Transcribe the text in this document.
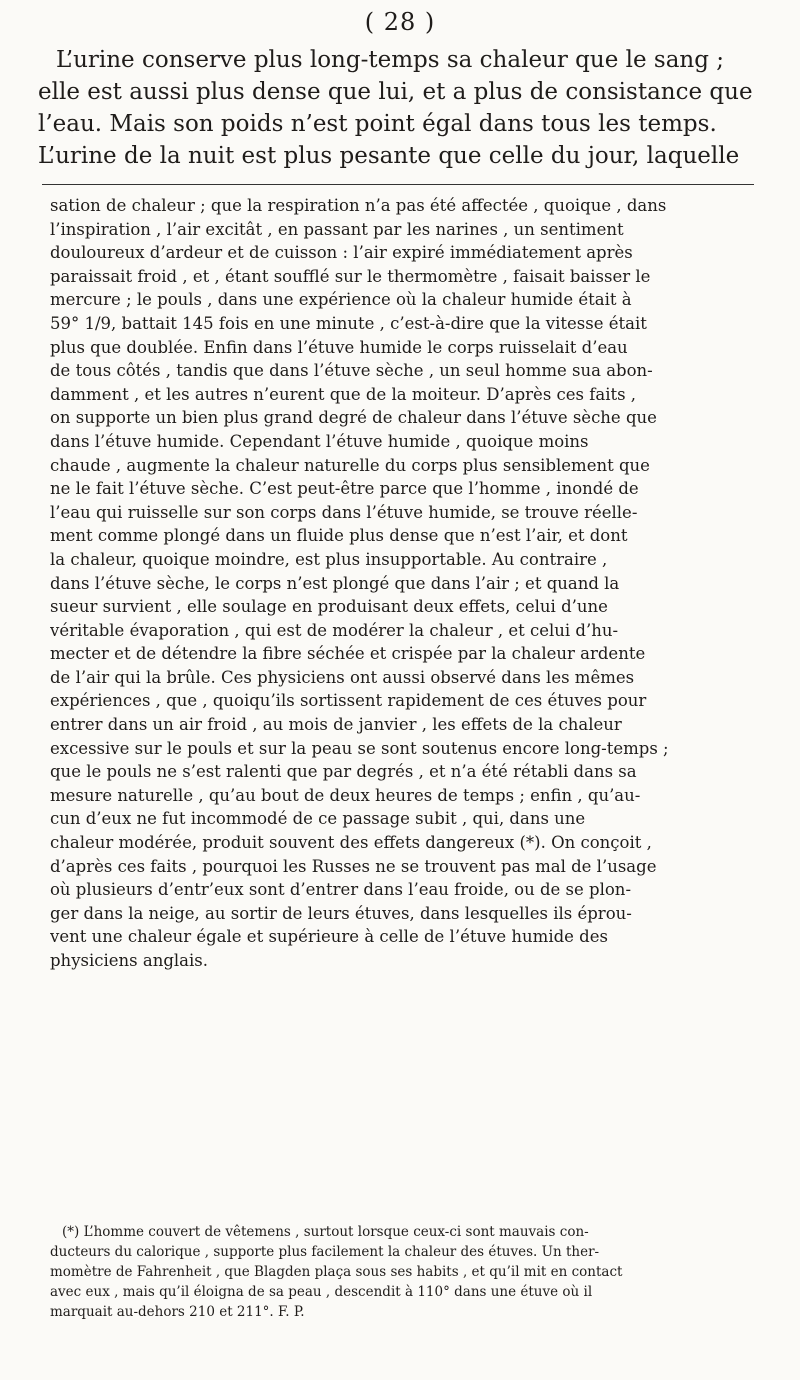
( 28 )

L’urine conserve plus long-temps sa chaleur que le sang ;
elle est aussi plus dense que lui, et a plus de consistance que
l’eau. Mais son poids n’est point égal dans tous les temps.
L’urine de la nuit est plus pesante que celle du jour, laquelle

sation de chaleur ; que la respiration n’a pas été affectée , quoique , dans
l’inspiration , l’air excitât , en passant par les narines , un sentiment
douloureux d’ardeur et de cuisson : l’air expiré immédiatement après
paraissait froid , et , étant soufflé sur le thermomètre , faisait baisser le
mercure ; le pouls , dans une expérience où la chaleur humide était à
59° 1/9, battait 145 fois en une minute , c’est-à-dire que la vitesse était
plus que doublée. Enfin dans l’étuve humide le corps ruisselait d’eau
de tous côtés , tandis que dans l’étuve sèche , un seul homme sua abon-
damment , et les autres n’eurent que de la moiteur. D’après ces faits ,
on supporte un bien plus grand degré de chaleur dans l’étuve sèche que
dans l’étuve humide. Cependant l’étuve humide , quoique moins
chaude , augmente la chaleur naturelle du corps plus sensiblement que
ne le fait l’étuve sèche. C’est peut-être parce que l’homme , inondé de
l’eau qui ruisselle sur son corps dans l’étuve humide, se trouve réelle-
ment comme plongé dans un fluide plus dense que n’est l’air, et dont
la chaleur, quoique moindre, est plus insupportable. Au contraire ,
dans l’étuve sèche, le corps n’est plongé que dans l’air ; et quand la
sueur survient , elle soulage en produisant deux effets, celui d’une
véritable évaporation , qui est de modérer la chaleur , et celui d’hu-
mecter et de détendre la fibre séchée et crispée par la chaleur ardente
de l’air qui la brûle. Ces physiciens ont aussi observé dans les mêmes
expériences , que , quoiqu’ils sortissent rapidement de ces étuves pour
entrer dans un air froid , au mois de janvier , les effets de la chaleur
excessive sur le pouls et sur la peau se sont soutenus encore long-temps ;
que le pouls ne s’est ralenti que par degrés , et n’a été rétabli dans sa
mesure naturelle , qu’au bout de deux heures de temps ; enfin , qu’au-
cun d’eux ne fut incommodé de ce passage subit , qui, dans une
chaleur modérée, produit souvent des effets dangereux (*). On conçoit ,
d’après ces faits , pourquoi les Russes ne se trouvent pas mal de l’usage
où plusieurs d’entr’eux sont d’entrer dans l’eau froide, ou de se plon-
ger dans la neige, au sortir de leurs étuves, dans lesquelles ils éprou-
vent une chaleur égale et supérieure à celle de l’étuve humide des
physiciens anglais.

(*) L’homme couvert de vêtemens , surtout lorsque ceux-ci sont mauvais con-
ducteurs du calorique , supporte plus facilement la chaleur des étuves. Un ther-
momètre de Fahrenheit , que Blagden plaça sous ses habits , et qu’il mit en contact
avec eux , mais qu’il éloigna de sa peau , descendit à 110° dans une étuve où il
marquait au-dehors 210 et 211°. F. P.
